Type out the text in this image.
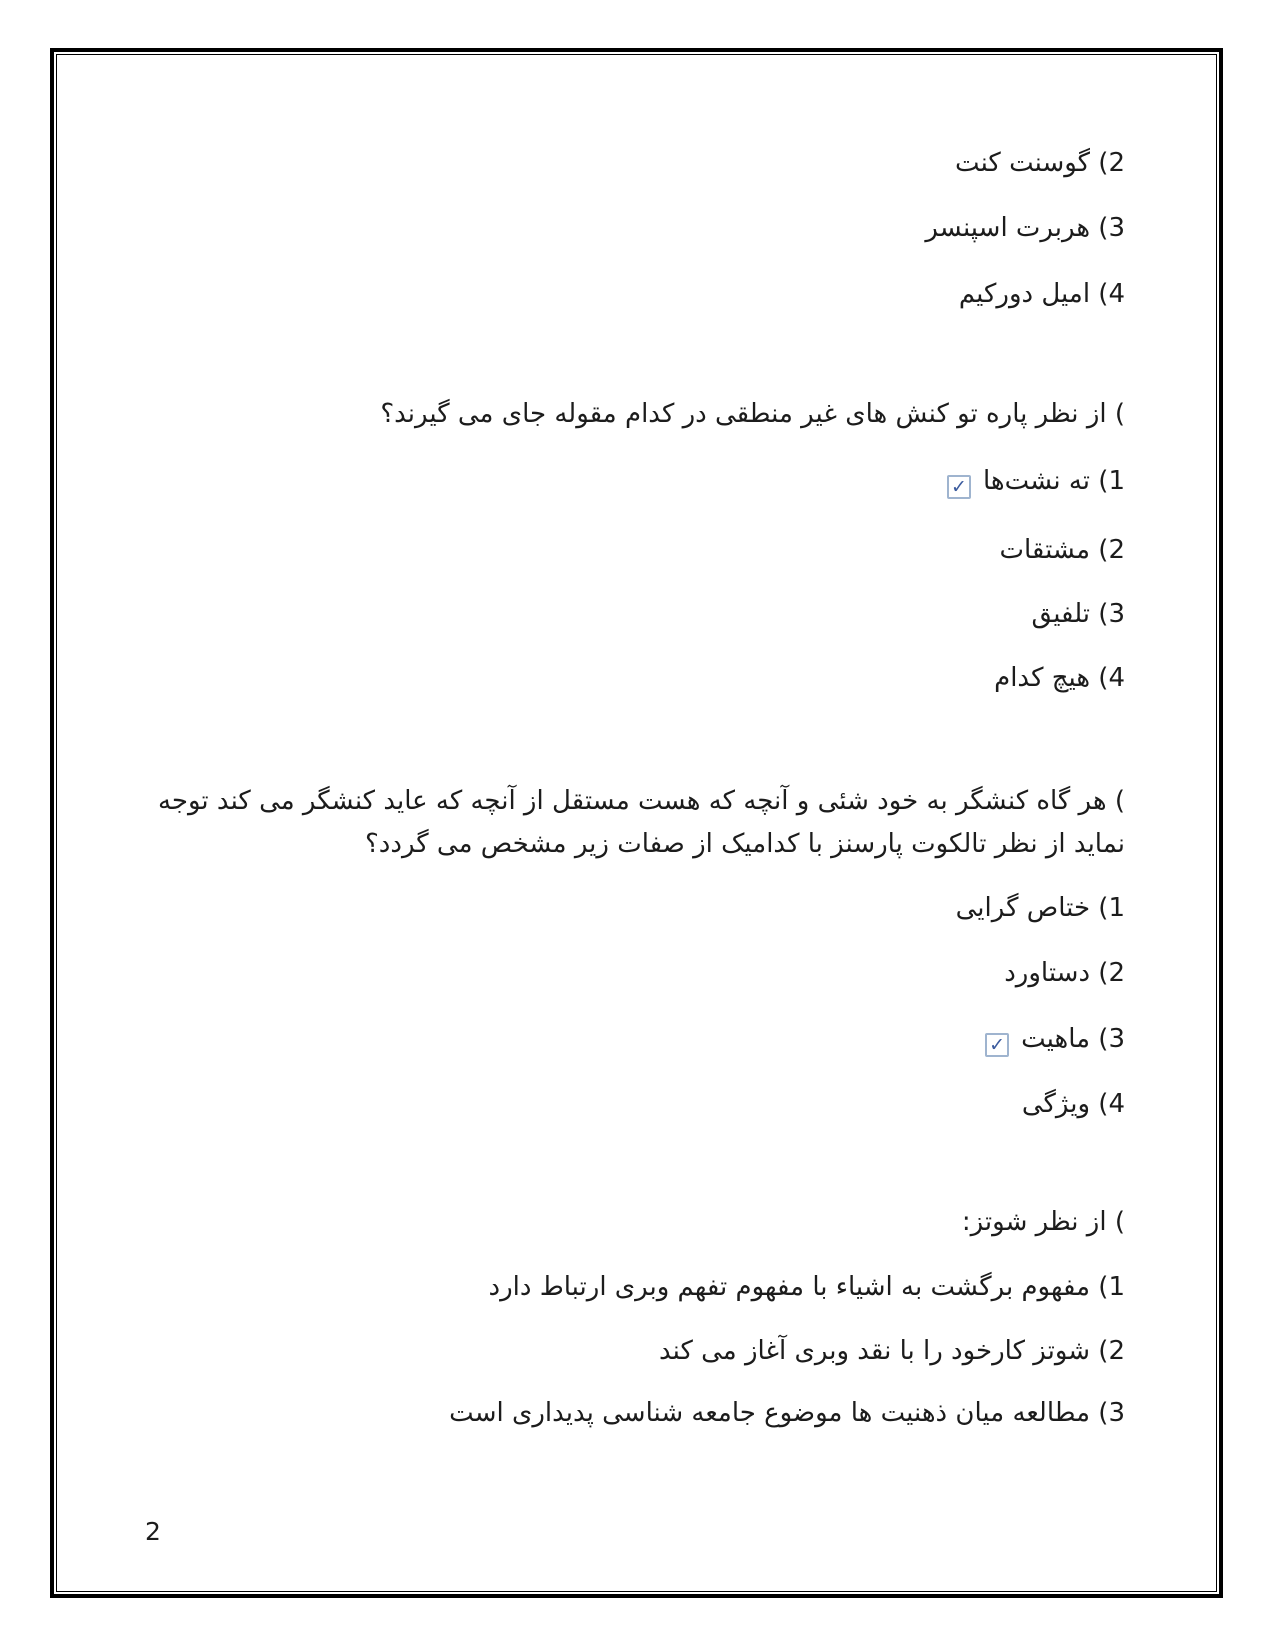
2) گوسنت کنت
3) هربرت اسپنسر
4) امیل دورکیم
) از نظر پاره تو کنش های غیر منطقی در کدام مقوله جای می گیرند؟
1) ته نشت‌ها
✓
2) مشتقات
3) تلفیق
4) هیچ کدام
) هر گاه کنشگر به خود شئی و آنچه که هست مستقل از آنچه که عاید کنشگر می کند توجه نماید از نظر تالکوت پارسنز با کدامیک از صفات زیر مشخص می گردد؟
1) ختاص گرایی
2) دستاورد
3) ماهیت
✓
4) ویژگی
) از نظر شوتز:
1) مفهوم برگشت به اشیاء با مفهوم تفهم وبری ارتباط دارد
2) شوتز کارخود را با نقد وبری آغاز می کند
3) مطالعه میان ذهنیت ها موضوع جامعه شناسی پدیداری است
2
